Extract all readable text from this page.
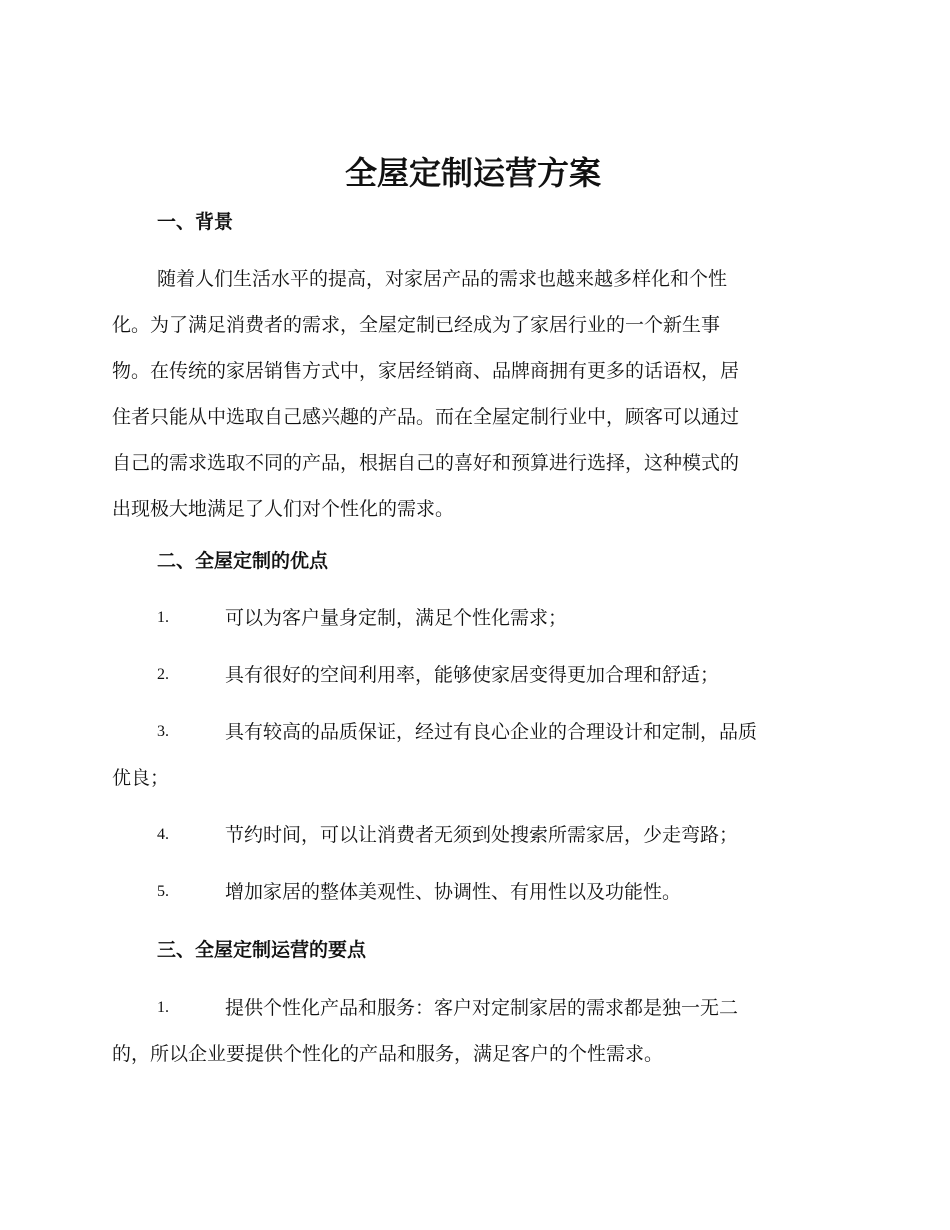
全屋定制运营方案
一、背景
随着人们生活水平的提高，对家居产品的需求也越来越多样化和个性
化。为了满足消费者的需求，全屋定制已经成为了家居行业的一个新生事
物。在传统的家居销售方式中，家居经销商、品牌商拥有更多的话语权，居
住者只能从中选取自己感兴趣的产品。而在全屋定制行业中，顾客可以通过
自己的需求选取不同的产品，根据自己的喜好和预算进行选择，这种模式的
出现极大地满足了人们对个性化的需求。
二、全屋定制的优点
1.	可以为客户量身定制，满足个性化需求；
2.	具有很好的空间利用率，能够使家居变得更加合理和舒适；
3.	具有较高的品质保证，经过有良心企业的合理设计和定制，品质
优良；
4.	节约时间，可以让消费者无须到处搜索所需家居，少走弯路；
5.	增加家居的整体美观性、协调性、有用性以及功能性。
三、全屋定制运营的要点
1.	提供个性化产品和服务：客户对定制家居的需求都是独一无二
的，所以企业要提供个性化的产品和服务，满足客户的个性需求。
